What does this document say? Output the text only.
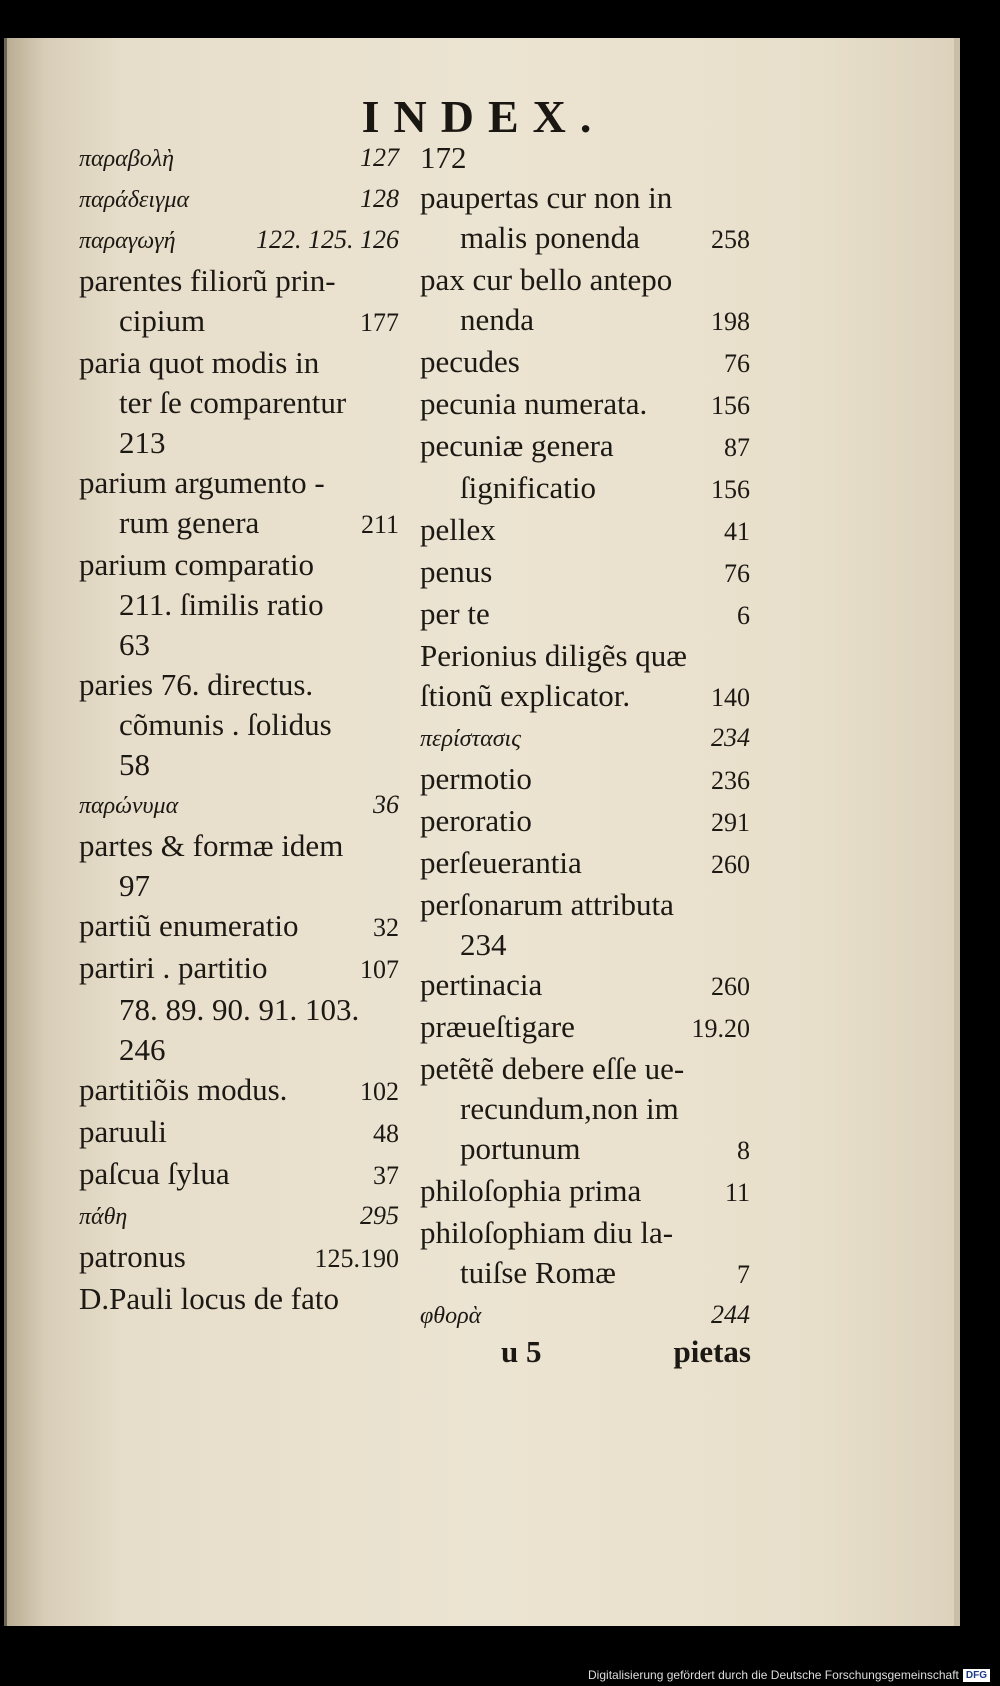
INDEX.
παραβολὴ	127
παράδειγμα	128
παραγωγή	122. 125. 126
parentes filiorũ prin-
cipium	177
paria quot modis in
ter ſe comparentur
213
parium argumento -
rum genera	211
parium comparatio
211. ſimilis ratio
63
paries 76. directus.
cõmunis . ſolidus
58
παρώνυμα	36
partes & formæ idem
97
partiũ enumeratio	32
partiri . partitio	107
78. 89. 90. 91. 103.
246
partitiõis modus.	102
paruuli	48
paſcua ſylua	37
πάθη	295
patronus	125.190
D.Pauli locus de fato
172
paupertas cur non in
malis ponenda	258
pax cur bello antepo
nenda	198
pecudes	76
pecunia numerata. 156
pecuniæ genera	87
ſignificatio	156
pellex	41
penus	76
per te	6
Perionius diligẽs quæ
ſtionũ explicator.	140
περίστασις	234
permotio	236
peroratio	291
perſeuerantia	260
perſonarum attributa
234
pertinacia	260
præueſtigare	19.20
petẽtẽ debere eſſe ue-
recundum,non im
portunum	8
philoſophia prima	11
philoſophiam diu la-
tuiſse Romæ	7
φθορὰ	244
u 5	pietas
Digitalisierung gefördert durch die Deutsche Forschungsgemeinschaft DFG
